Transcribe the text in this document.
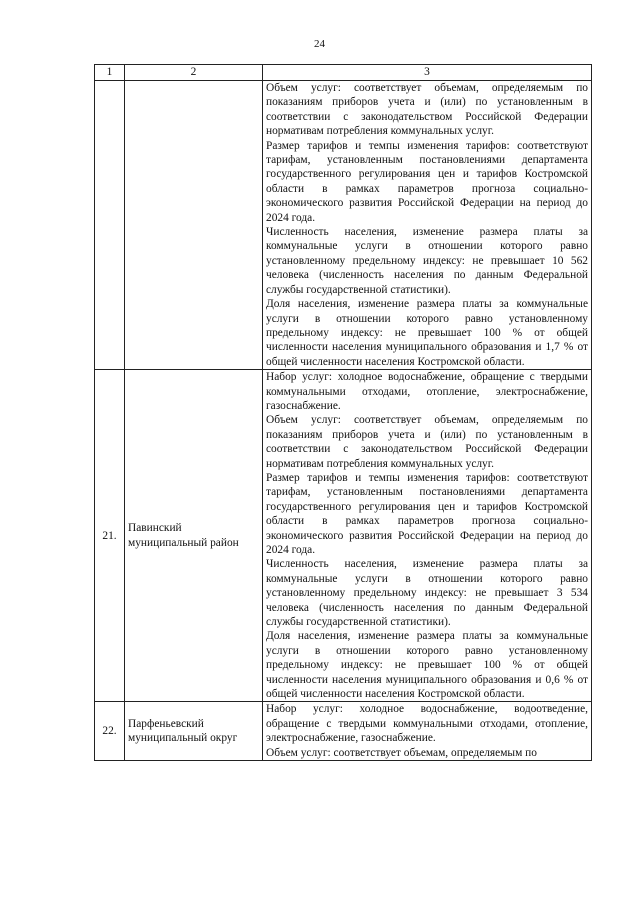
24
1	2	3

		Объем услуг: соответствует объемам, определяемым по показаниям приборов учета и (или) по установленным в соответствии с законодательством Российской Федерации нормативам потребления коммунальных услуг.
Размер тарифов и темпы изменения тарифов: соответствуют тарифам, установленным постановлениями департамента государственного регулирования цен и тарифов Костромской области в рамках параметров прогноза социально-экономического развития Российской Федерации на период до 2024 года.
Численность населения, изменение размера платы за коммунальные услуги в отношении которого равно установленному предельному индексу: не превышает 10 562 человека (численность населения по данным Федеральной службы государственной статистики).
Доля населения, изменение размера платы за коммунальные услуги в отношении которого равно установленному предельному индексу: не превышает 100 % от общей численности населения муниципального образования и 1,7 % от общей численности населения Костромской области.

21.	Павинский муниципальный район	Набор услуг: холодное водоснабжение, обращение с твердыми коммунальными отходами, отопление, электроснабжение, газоснабжение.
Объем услуг: соответствует объемам, определяемым по показаниям приборов учета и (или) по установленным в соответствии с законодательством Российской Федерации нормативам потребления коммунальных услуг.
Размер тарифов и темпы изменения тарифов: соответствуют тарифам, установленным постановлениями департамента государственного регулирования цен и тарифов Костромской области в рамках параметров прогноза социально-экономического развития Российской Федерации на период до 2024 года.
Численность населения, изменение размера платы за коммунальные услуги в отношении которого равно установленному предельному индексу: не превышает 3 534 человека (численность населения по данным Федеральной службы государственной статистики).
Доля населения, изменение размера платы за коммунальные услуги в отношении которого равно установленному предельному индексу: не превышает 100 % от общей численности населения муниципального образования и 0,6 % от общей численности населения Костромской области.

22.	Парфеньевский муниципальный округ	Набор услуг: холодное водоснабжение, водоотведение, обращение с твердыми коммунальными отходами, отопление, электроснабжение, газоснабжение.
Объем услуг: соответствует объемам, определяемым по
